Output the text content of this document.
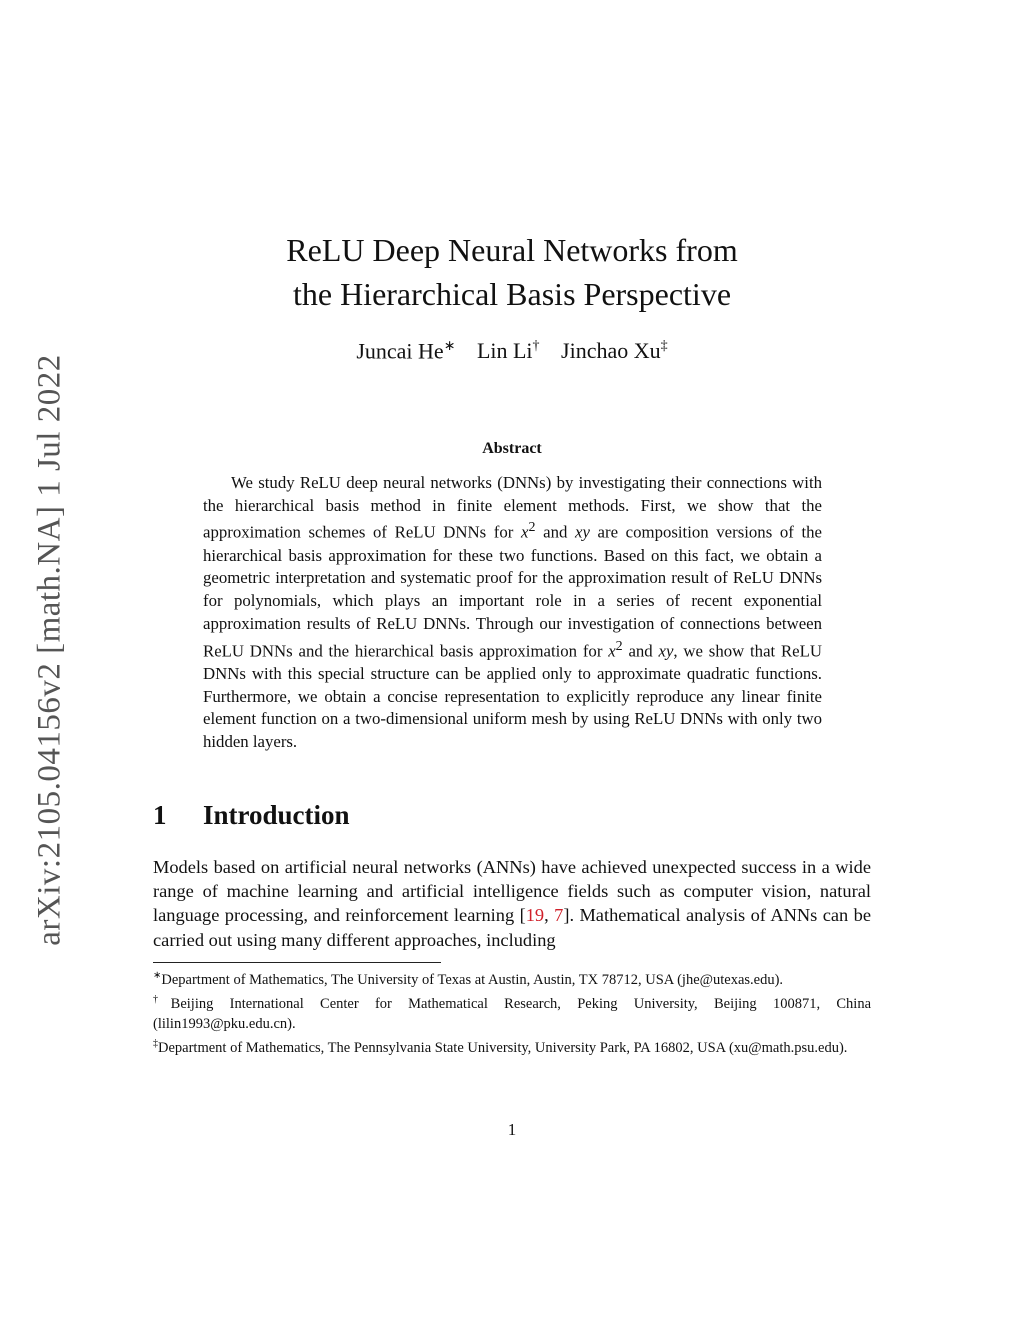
arXiv:2105.04156v2 [math.NA] 1 Jul 2022
ReLU Deep Neural Networks from
the Hierarchical Basis Perspective
Juncai He∗ Lin Li† Jinchao Xu‡
Abstract
We study ReLU deep neural networks (DNNs) by investigating their connections with the hierarchical basis method in finite element methods. First, we show that the approximation schemes of ReLU DNNs for $x^2$ and xy are composition versions of the hierarchical basis approximation for these two functions. Based on this fact, we obtain a geometric interpretation and systematic proof for the approximation result of ReLU DNNs for polynomials, which plays an important role in a series of recent exponential approximation results of ReLU DNNs. Through our investigation of connections between ReLU DNNs and the hierarchical basis approximation for $x^2$ and xy, we show that ReLU DNNs with this special structure can be applied only to approximate quadratic functions. Furthermore, we obtain a concise representation to explicitly reproduce any linear finite element function on a two-dimensional uniform mesh by using ReLU DNNs with only two hidden layers.
1 Introduction
Models based on artificial neural networks (ANNs) have achieved unexpected success in a wide range of machine learning and artificial intelligence fields such as computer vision, natural language processing, and reinforcement learning [19, 7]. Mathematical analysis of ANNs can be carried out using many different approaches, including

∗Department of Mathematics, The University of Texas at Austin, Austin, TX 78712, USA (jhe@utexas.edu).

†Beijing International Center for Mathematical Research, Peking University, Beijing 100871, China (lilin1993@pku.edu.cn).

‡Department of Mathematics, The Pennsylvania State University, University Park, PA 16802, USA (xu@math.psu.edu).

1
